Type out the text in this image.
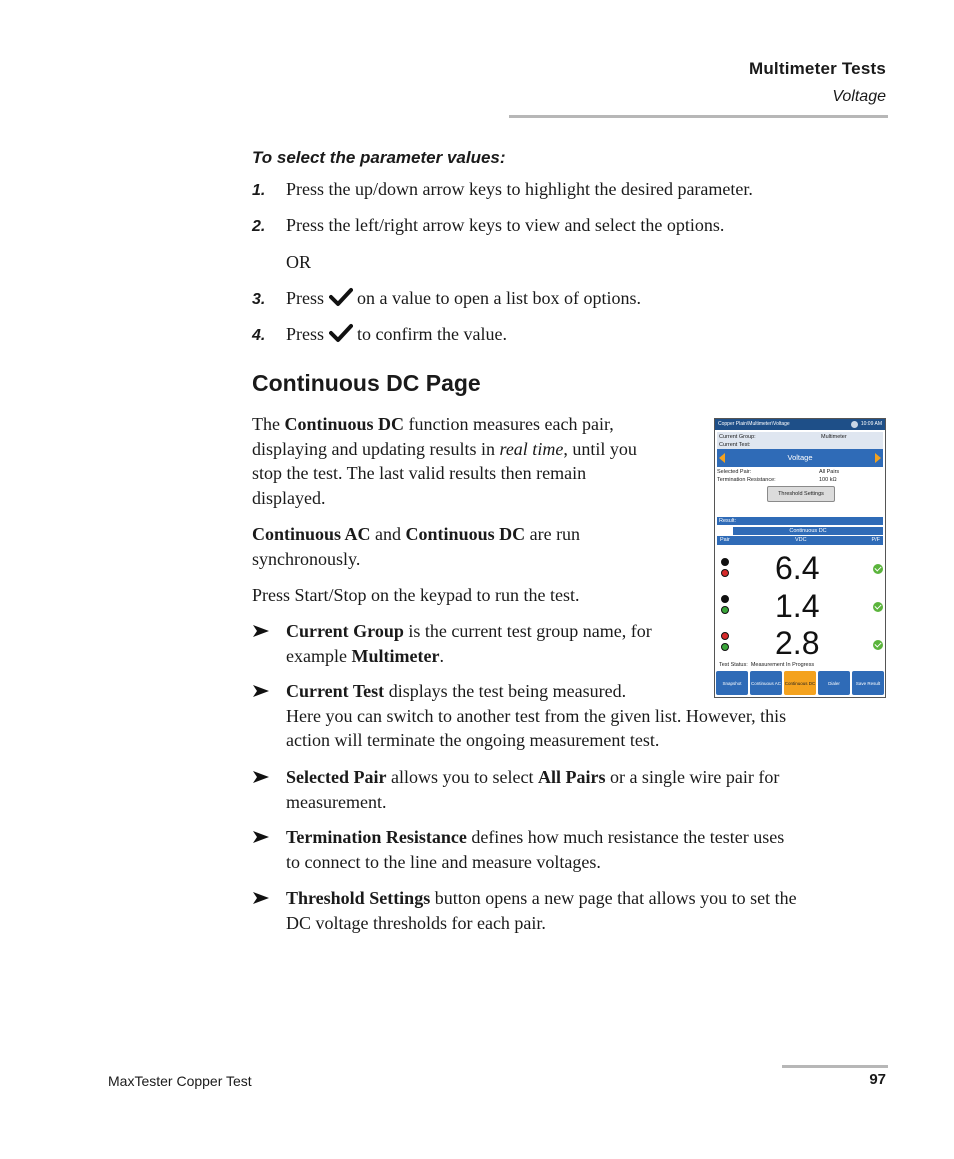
Multimeter Tests
Voltage
To select the parameter values:
1. Press the up/down arrow keys to highlight the desired parameter.
2. Press the left/right arrow keys to view and select the options.
OR
3. Press on a value to open a list box of options.
4. Press to confirm the value.
Continuous DC Page
The Continuous DC function measures each pair,
displaying and updating results in real time, until you
stop the test. The last valid results then remain
displayed.
Continuous AC and Continuous DC are run
synchronously.
Press Start/Stop on the keypad to run the test.
Current Group is the current test group name, for
example Multimeter.
Current Test displays the test being measured.
Here you can switch to another test from the given list. However, this
action will terminate the ongoing measurement test.
Selected Pair allows you to select All Pairs or a single wire pair for
measurement.
Termination Resistance defines how much resistance the tester uses
to connect to the line and measure voltages.
Threshold Settings button opens a new page that allows you to set the
DC voltage thresholds for each pair.
Copper Plain\Multimeter\Voltage	10:09 AM
Current Group:	Multimeter
Current Test:
Voltage
Selected Pair:	All Pairs
Termination Resistance:	100 kΩ
Threshold Settings
Result:
Continuous DC
Pair	VDC	P/F
6.4
1.4
2.8
Test Status: Measurement In Progress
Snapshot	Continuous AC Continuous DC	Dialer	Save Result
MaxTester Copper Test	97
